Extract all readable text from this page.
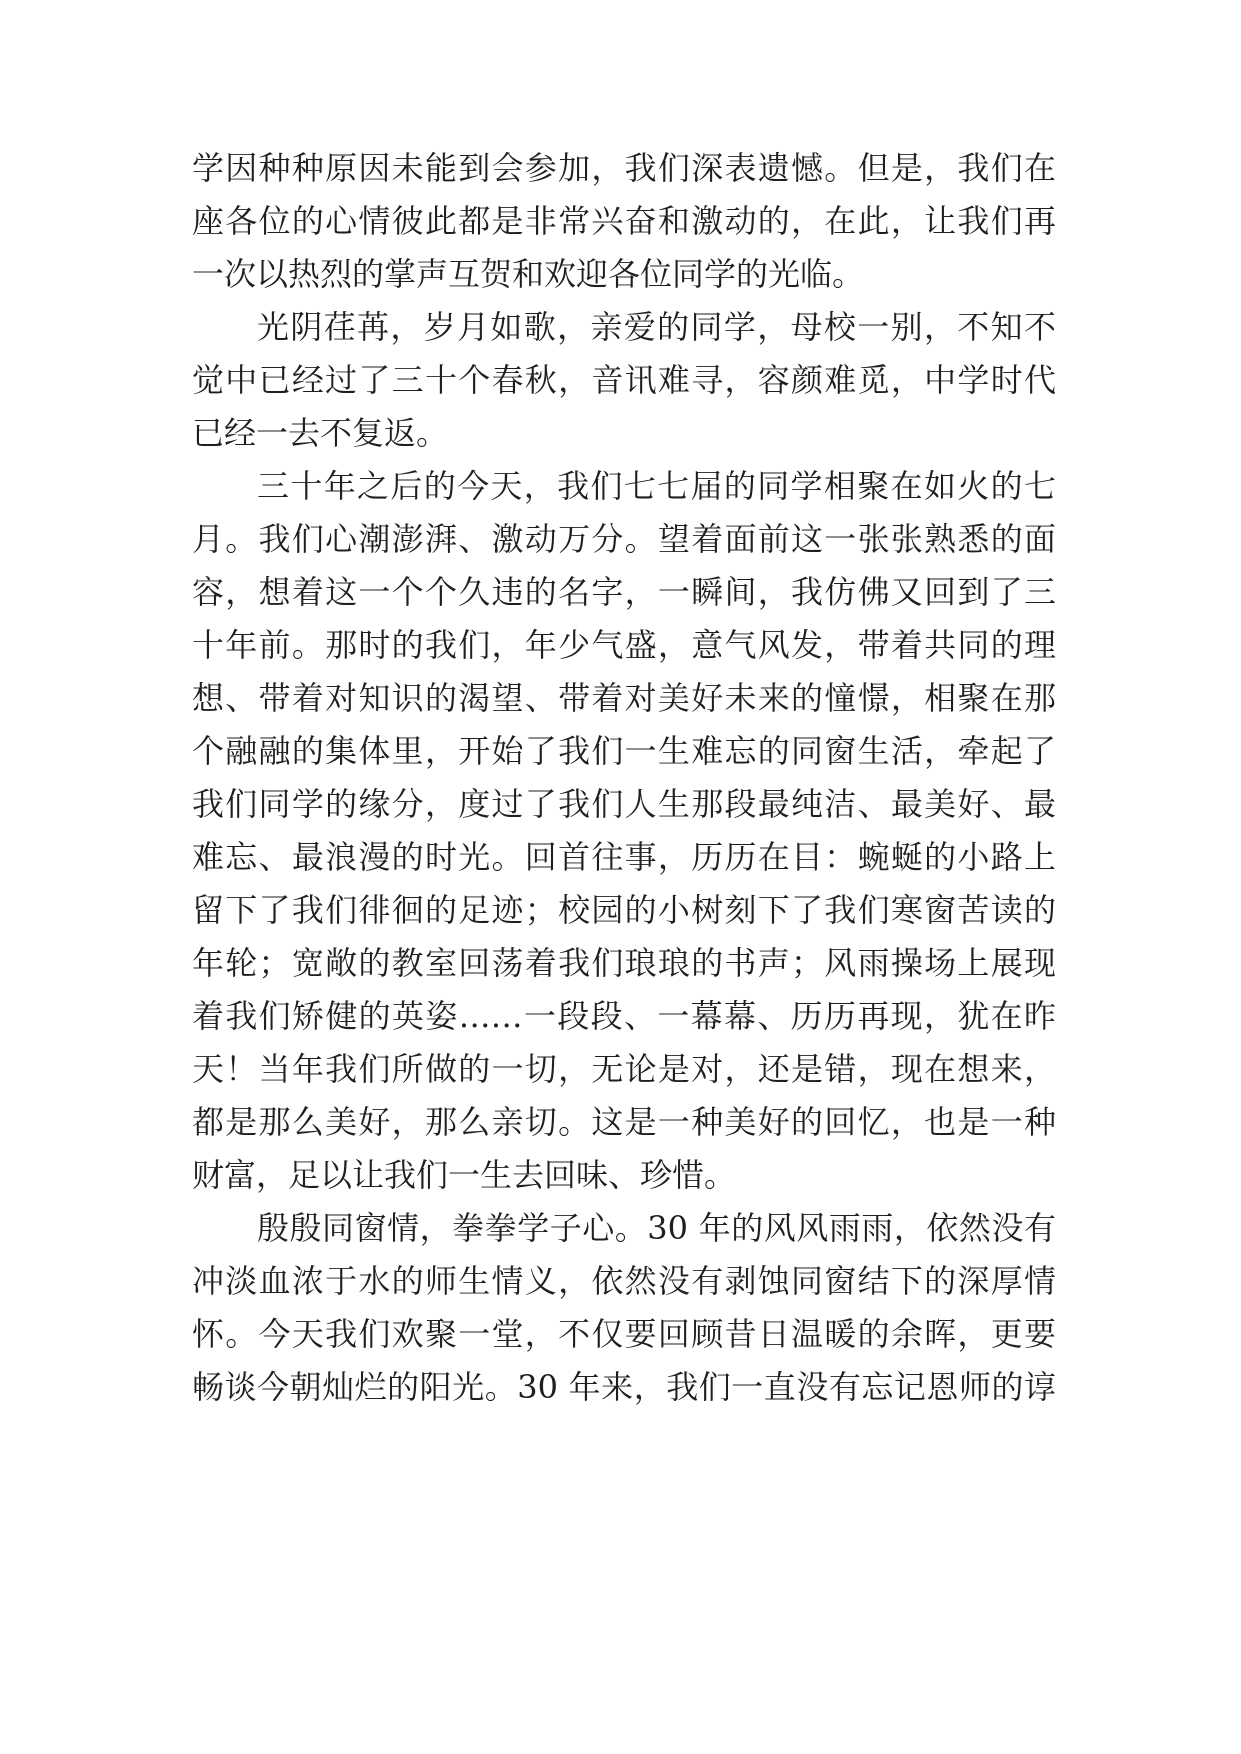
学因种种原因未能到会参加，我们深表遗憾。但是，我们在
座各位的心情彼此都是非常兴奋和激动的，在此，让我们再
一次以热烈的掌声互贺和欢迎各位同学的光临。
光阴荏苒，岁月如歌，亲爱的同学，母校一别，不知不
觉中已经过了三十个春秋，音讯难寻，容颜难觅，中学时代
已经一去不复返。
三十年之后的今天，我们七七届的同学相聚在如火的七
月。我们心潮澎湃、激动万分。望着面前这一张张熟悉的面
容，想着这一个个久违的名字，一瞬间，我仿佛又回到了三
十年前。那时的我们，年少气盛，意气风发，带着共同的理
想、带着对知识的渴望、带着对美好未来的憧憬，相聚在那
个融融的集体里，开始了我们一生难忘的同窗生活，牵起了
我们同学的缘分，度过了我们人生那段最纯洁、最美好、最
难忘、最浪漫的时光。回首往事，历历在目：蜿蜒的小路上
留下了我们徘徊的足迹；校园的小树刻下了我们寒窗苦读的
年轮；宽敞的教室回荡着我们琅琅的书声；风雨操场上展现
着我们矫健的英姿……一段段、一幕幕、历历再现，犹在昨
天！当年我们所做的一切，无论是对，还是错，现在想来，
都是那么美好，那么亲切。这是一种美好的回忆，也是一种
财富，足以让我们一生去回味、珍惜。
殷殷同窗情，拳拳学子心。30 年的风风雨雨，依然没有
冲淡血浓于水的师生情义，依然没有剥蚀同窗结下的深厚情
怀。今天我们欢聚一堂，不仅要回顾昔日温暖的余晖，更要
畅谈今朝灿烂的阳光。30 年来，我们一直没有忘记恩师的谆
